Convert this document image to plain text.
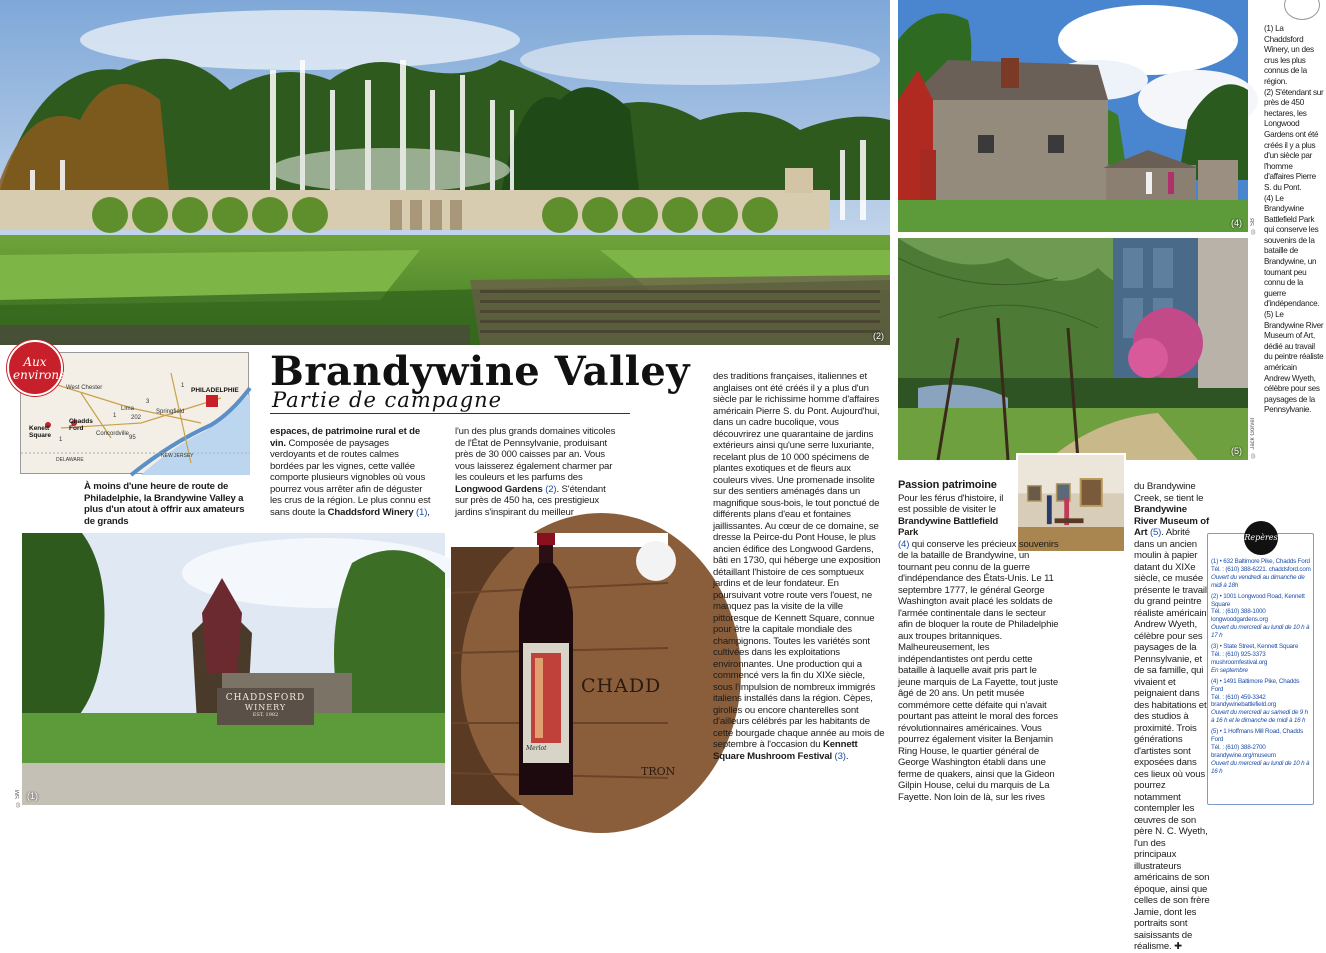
(2)
(4) © SB
(5) © Jack Gorvel
CHADDSFORD
WINERY
EST. 1982
(1)
© SM
CHADD
TRON
Merlot
West Chester	PHILADELPHIE
Lima	Springfield
Kenett Square
Chadds Ford
Concordville
DELAWARE
NEW JERSEY
1
3
1 202
1	95
Aux environs	Brandywine Valley
Partie de campagne
À moins d'une heure de route de Philadelphie, la Brandywine Valley a plus d'un atout à offrir aux amateurs de grands
espaces, de patrimoine rural et de vin. Composée de paysages verdoyants et de routes calmes bordées par les vignes, cette vallée comporte plusieurs vignobles où vous pourrez vous arrêter afin de déguster les crus de la région. Le plus connu est sans doute la Chaddsford Winery (1),
l'un des plus grands domaines viticoles de l'État de Pennsylvanie, produisant près de 30 000 caisses par an. Vous vous laisserez également charmer par les couleurs et les parfums des Longwood Gardens (2). S'étendant sur près de 450 ha, ces prestigieux jardins s'inspirant du meilleur
des traditions françaises, italiennes et anglaises ont été créés il y a plus d'un siècle par le richissime homme d'affaires américain Pierre S. du Pont. Aujourd'hui, dans un cadre bucolique, vous découvrirez une quarantaine de jardins extérieurs ainsi qu'une serre luxuriante, recelant plus de 10 000 spécimens de plantes exotiques et de fleurs aux couleurs vives. Une promenade insolite sur des sentiers aménagés dans un magnifique sous-bois, le tout ponctué de différents plans d'eau et fontaines jaillissantes. Au cœur de ce domaine, se dresse la Peirce-du Pont House, le plus ancien édifice des Longwood Gardens, bâti en 1730, qui héberge une exposition détaillant l'histoire de ces somptueux jardins et de leur fondateur. En poursuivant votre route vers l'ouest, ne manquez pas la visite de la ville pittoresque de Kennett Square, connue pour être la capitale mondiale des champignons. Toutes les variétés sont cultivées dans les exploitations environnantes. Une production qui a commencé vers la fin du XIXe siècle, sous l'impulsion de nombreux immigrés italiens installés dans la région. Cèpes, girolles ou encore chanterelles sont d'ailleurs célébrés par les habitants de cette bourgade chaque année au mois de septembre à l'occasion du Kennett Square Mushroom Festival (3).
Passion patrimoine
Pour les férus d'histoire, il est possible de visiter le Brandywine Battlefield Park
(4) qui conserve les précieux souvenirs de la bataille de Brandywine, un tournant peu connu de la guerre d'indépendance des États-Unis. Le 11 septembre 1777, le général George Washington avait placé les soldats de l'armée continentale dans le secteur afin de bloquer la route de Philadelphie aux troupes britanniques. Malheureusement, les indépendantistes ont perdu cette bataille à laquelle avait pris part le jeune marquis de La Fayette, tout juste âgé de 20 ans. Un petit musée commémore cette défaite qui n'avait pourtant pas atteint le moral des forces révolutionnaires américaines. Vous pourrez également visiter la Benjamin Ring House, le quartier général de George Washington établi dans une ferme de quakers, ainsi que la Gideon Gilpin House, celui du marquis de La Fayette. Non loin de là, sur les rives
du Brandywine Creek, se tient le Brandywine River Museum of Art (5). Abrité dans un ancien moulin à papier datant du XIXe siècle, ce musée présente le travail du grand peintre réaliste américain Andrew Wyeth, célèbre pour ses paysages de la Pennsylvanie, et de sa famille, qui vivaient et peignaient dans des habitations et des studios à proximité. Trois générations d'artistes sont exposées dans ces lieux où vous pourrez notamment contempler les œuvres de son père N. C. Wyeth, l'un des principaux illustrateurs américains de son époque, ainsi que celles de son frère Jamie, dont les portraits sont saisissants de réalisme. ✚
(1) La Chaddsford Winery, un des crus les plus connus de la région.
(2) S'étendant sur près de 450 hectares, les Longwood Gardens ont été créés il y a plus d'un siècle par l'homme d'affaires Pierre S. du Pont.
(4) Le Brandywine Battlefield Park qui conserve les souvenirs de la bataille de Brandywine, un tournant peu connu de la guerre d'indépendance.
(5) Le Brandywine River Museum of Art, dédié au travail du peintre réaliste américain Andrew Wyeth, célèbre pour ses paysages de la Pennsylvanie.
Repères
(1) • 632 Baltimore Pike, Chadds Ford
Tél. : (610) 388-6221. chaddsford.com
Ouvert du vendredi au dimanche de midi à 18h
(2) • 1001 Longwood Road, Kennett Square
Tél. : (610) 388-1000
longwoodgardens.org
Ouvert du mercredi au lundi de 10 h à 17 h
(3) • State Street, Kennett Square
Tél. : (610) 925-3373
mushroomfestival.org
En septembre
(4) • 1491 Baltimore Pike, Chadds Ford
Tél. : (610) 459-3342
brandywinebattlefield.org
Ouvert du mercredi au samedi de 9 h à 16 h et le dimanche de midi à 16 h
(5) • 1 Hoffmans Mill Road, Chadds Ford
Tél. : (610) 388-2700
brandywine.org/museum
Ouvert du mercredi au lundi de 10 h à 16 h
